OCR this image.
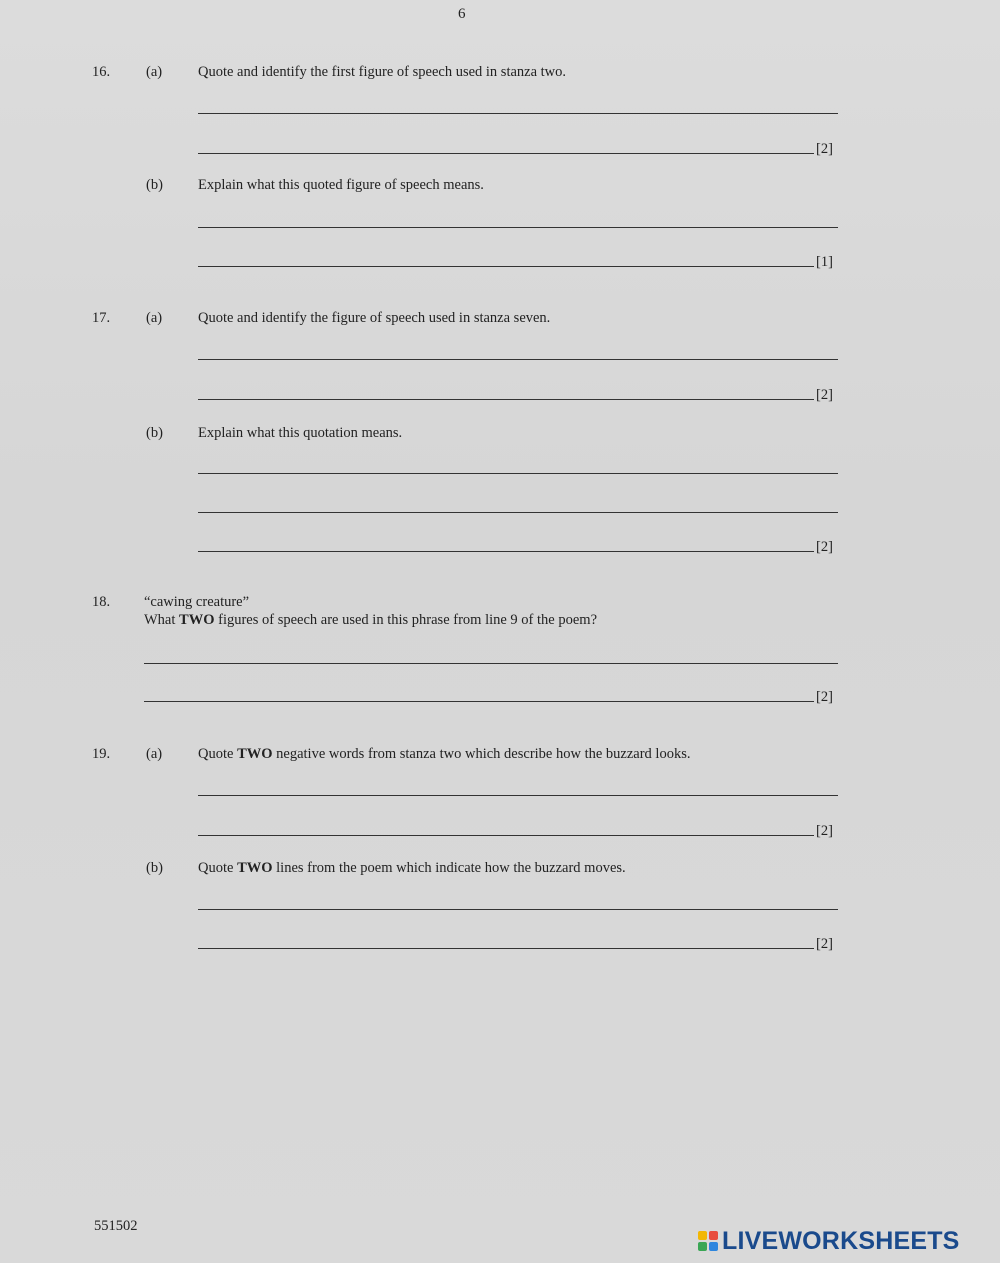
6
16. (a) Quote and identify the first figure of speech used in stanza two.
[2]
(b) Explain what this quoted figure of speech means.
[1]
17. (a) Quote and identify the figure of speech used in stanza seven.
[2]
(b) Explain what this quotation means.
[2]
18. “cawing creature”
What TWO figures of speech are used in this phrase from line 9 of the poem?
[2]
19. (a) Quote TWO negative words from stanza two which describe how the buzzard looks.
[2]
(b) Quote TWO lines from the poem which indicate how the buzzard moves.
[2]
551502
LIVEWORKSHEETS
